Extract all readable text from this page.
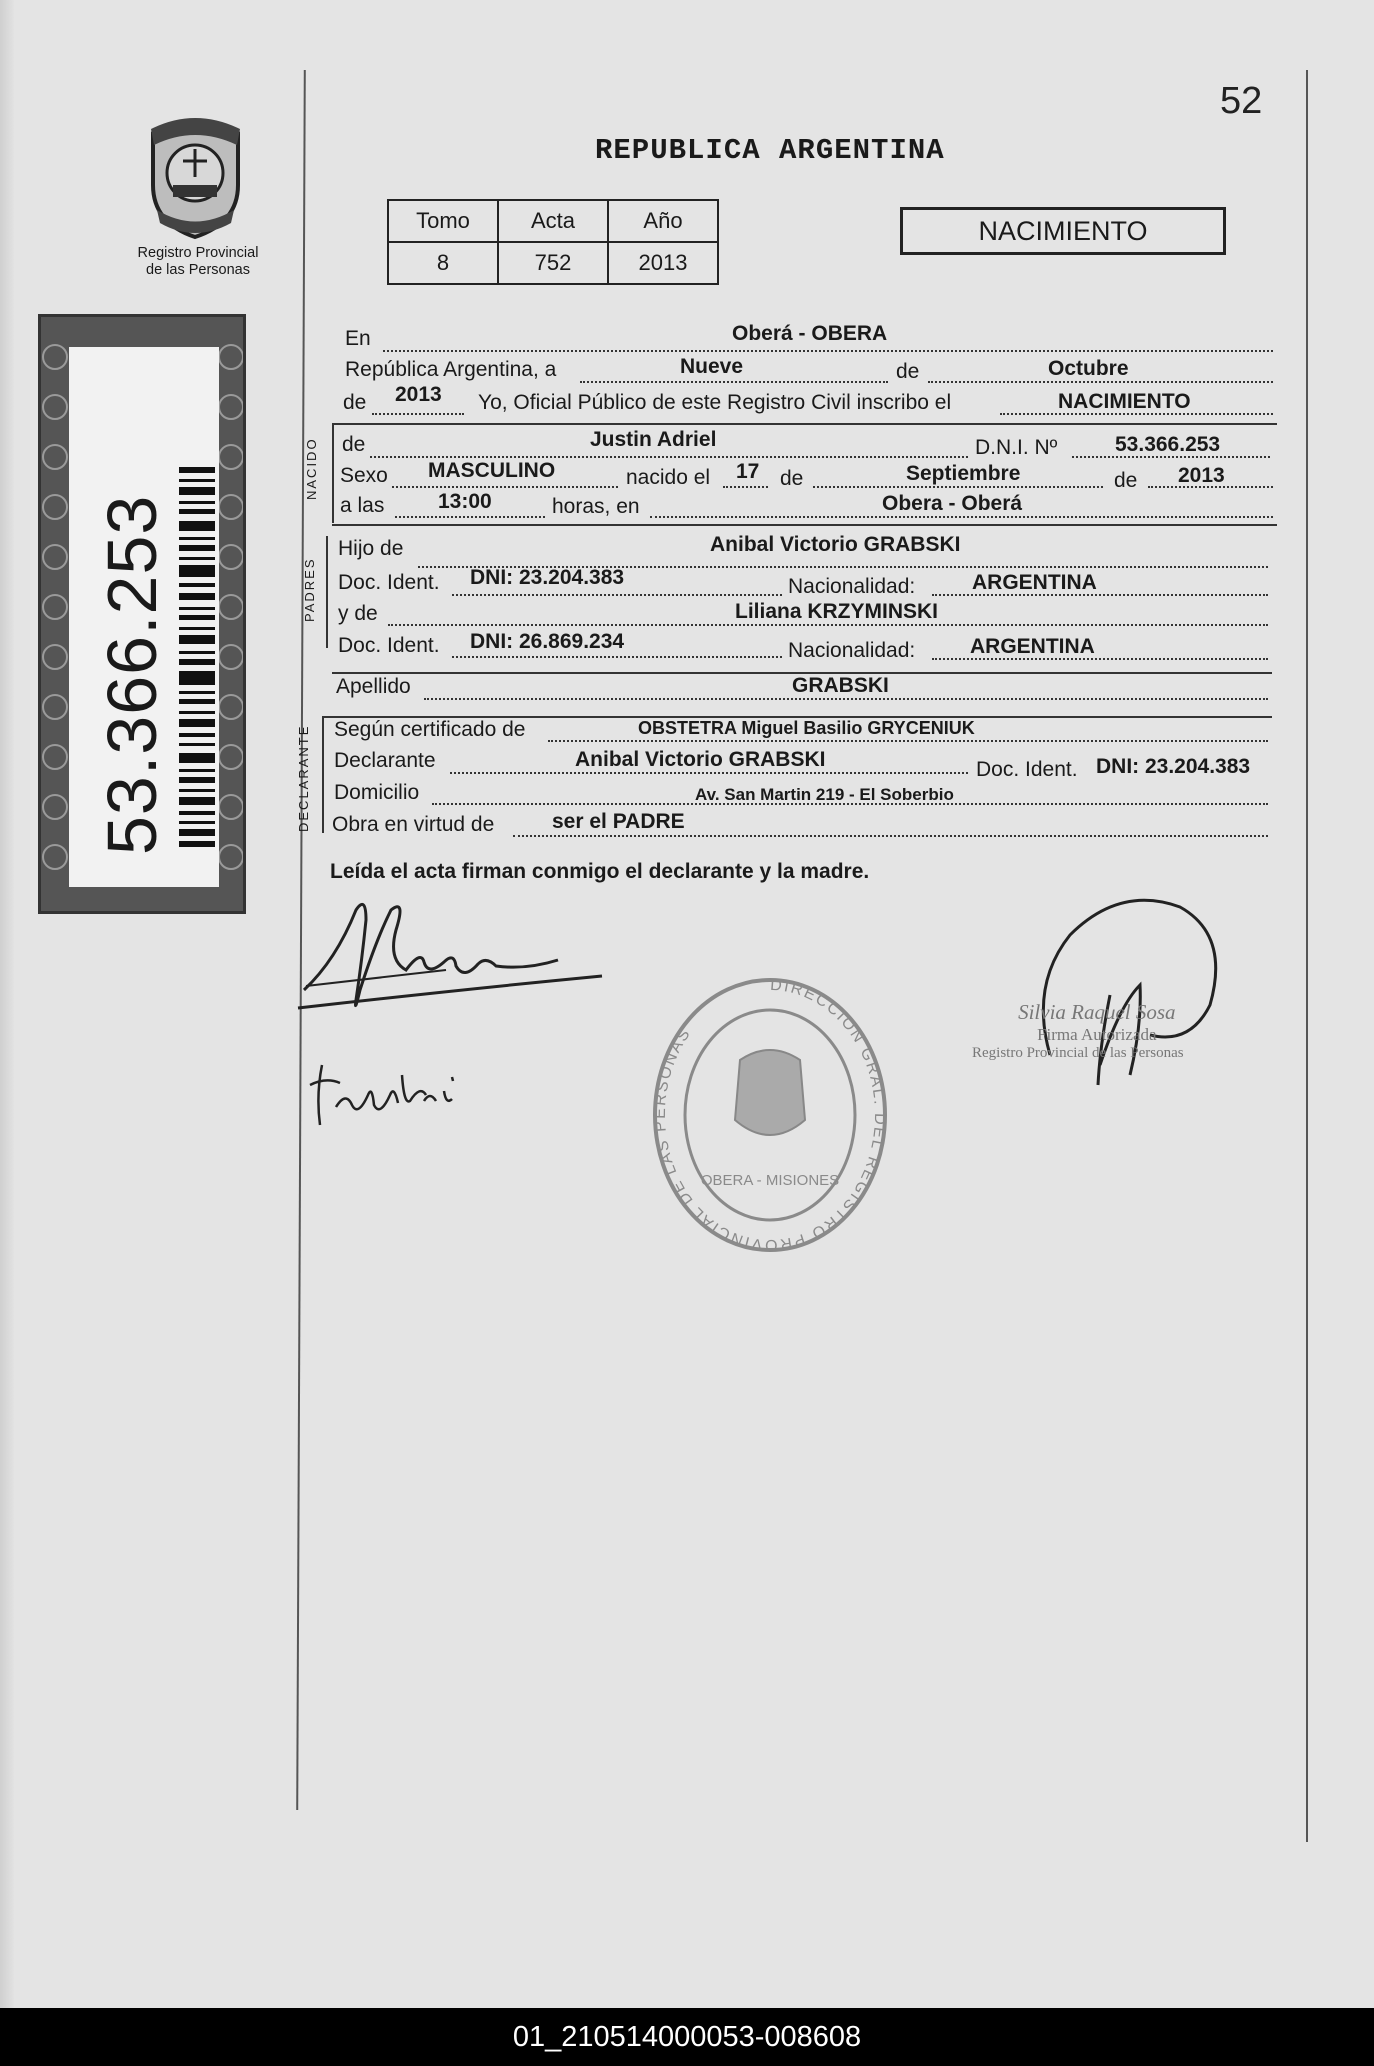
52
REPUBLICA ARGENTINA
Tomo	Acta	Año
8	752	2013
NACIMIENTO
Registro Provincial
de las Personas
53.366.253
En	Oberá - OBERA
República Argentina, a	Nueve	de	Octubre
de 2013 Yo, Oficial Público de este Registro Civil inscribo el	NACIMIENTO
NACIDO de	Justin Adriel	D.N.I. Nº	53.366.253
Sexo MASCULINO	nacido el 17 de	Septiembre	de 2013
a las	13:00	horas, en	Obera - Oberá
PADRES
Hijo de	Anibal Victorio GRABSKI
Doc. Ident. DNI: 23.204.383	Nacionalidad:	ARGENTINA
y de	Liliana KRZYMINSKI
Doc. Ident. DNI: 26.869.234	Nacionalidad:	ARGENTINA
Apellido	GRABSKI
DECLARANTE Según certificado de	OBSTETRA Miguel Basilio GRYCENIUK
Declarante	Anibal Victorio GRABSKI	Doc. Ident. DNI: 23.204.383
Domicilio	Av. San Martin 219 - El Soberbio
Obra en virtud de	ser el PADRE
Leída el acta firman conmigo el declarante y la madre.
DIRECCION GRAL. DEL REGISTRO PROVINCIAL DE LAS PERSONAS
OBERA - MISIONES
Silvia Raquel Sosa
Firma Autorizada
Registro Provincial de las Personas
01_210514000053-008608
